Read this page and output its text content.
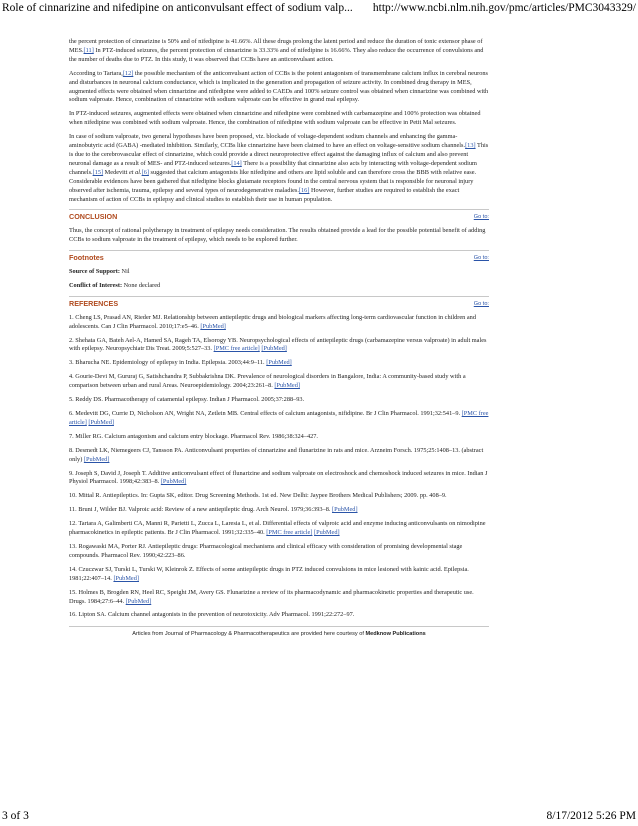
Role of cinnarizine and nifedipine on anticonvulsant effect of sodium valp... http://www.ncbi.nlm.nih.gov/pmc/articles/PMC3043329/

the percent protection of cinnarizine is 50% and of nifedipine is 41.66%. All these drugs prolong the latent period and reduce the duration of tonic extensor phase of MES.[11] In PTZ-induced seizures, the percent protection of cinnarizine is 33.33% and of nifedipine is 16.66%. They also reduce the occurrence of convulsions and the number of deaths due to PTZ. In this study, it was observed that CCBs have an anticonvulsant action.

According to Tartara,[12] the possible mechanism of the anticonvulsant action of CCBs is the potent antagonism of transmembrane calcium influx in cerebral neurons and disturbances in neuronal calcium conductance, which is implicated in the generation and propagation of seizure activity. In combined drug therapy in MES, augmented effects were obtained when cinnarizine and nifedipine were added to CAEDs and 100% seizure control was obtained when cinnarizine was combined with sodium valproate. Hence, combination of cinnarizine with sodium valproate can be effective in grand mal epilepsy.

In PTZ-induced seizures, augmented effects were obtained when cinnarizine and nifedipine were combined with carbamazepine and 100% protection was obtained when nifedipine was combined with sodium valproate. Hence, the combination of nifedipine with sodium valproate can be effective in Petit Mal seizures.

In case of sodium valproate, two general hypotheses have been proposed, viz. blockade of voltage-dependent sodium channels and enhancing the gamma-aminobutyric acid (GABA) -mediated inhibition. Similarly, CCBs like cinnarizine have been claimed to have an effect on voltage-sensitive sodium channels.[13] This is due to the cerebrovascular effect of cinnarizine, which could provide a direct neuroprotective effect against the damaging influx of calcium and also prevent neuronal damage as a result of MES- and PTZ-induced seizures.[14] There is a possibility that cinnarizine also acts by interacting with voltage-dependent sodium channels.[15] Medevitt et al.[6] suggested that calcium antagonists like nifedipine and others are lipid soluble and can therefore cross the BBB with relative ease. Considerable evidences have been gathered that nifedipine blocks glutamate receptors found in the central nervous system that is responsible for neuronal injury observed after ischemia, trauma, epilepsy and several types of neurodegenerative maladies.[16] However, further studies are required to establish the exact mechanism of action of CCBs in epilepsy and clinical studies to establish their use in human population.

CONCLUSION	Go to:

Thus, the concept of rational polytherapy in treatment of epilepsy needs consideration. The results obtained provide a lead for the possible potential benefit of adding CCBs to sodium valproate in the treatment of epilepsy, which needs to be explored further.

Footnotes	Go to:

Source of Support: Nil

Conflict of Interest: None declared

REFERENCES	Go to:
1. Cheng LS, Prasad AN, Rieder MJ. Relationship between antiepileptic drugs and biological markers affecting long-term cardiovascular function in children and adolescents. Can J Clin Pharmacol. 2010;17:e5–46. [PubMed]
2. Shehata GA, Bateh Ael-A, Hamed SA, Rageh TA, Elsorogy YB. Neuropsychological effects of antiepileptic drugs (carbamazepine versus valproate) in adult males with epilepsy. Neuropsychiatr Dis Treat. 2009;5:527–33. [PMC free article] [PubMed]
3. Bharucha NE. Epidemiology of epilepsy in India. Epilepsia. 2003;44:9–11. [PubMed]
4. Gourie-Devi M, Gururaj G, Satishchandra P, Subbakrishna DK. Prevalence of neurological disorders in Bangalore, India: A community-based study with a comparison between urban and rural Areas. Neuroepidemiology. 2004;23:261–8. [PubMed]
5. Reddy DS. Pharmacotherapy of catamenial epilepsy. Indian J Pharmacol. 2005;37:288–93.
6. Medevitt DG, Currie D, Nicholson AN, Wright NA, Zetlein MB. Central effects of calcium antagonists, nifidipine. Br J Clin Pharmacol. 1991;32:541–9. [PMC free article] [PubMed]
7. Miller RG. Calcium antagonism and calcium entry blockage. Pharmacol Rev. 1986;38:324–427.
8. Desmedt LK, Niemegeers CJ, Tansson PA. Anticonvulsant properties of cinnarizine and flunarizine in rats and mice. Arzneim Forsch. 1975;25:1408–13. (abstract only) [PubMed]
9. Joseph S, David J, Joseph T. Additive anticonvulsant effect of flunarizine and sodium valproate on electroshock and chemoshock induced seizures in mice. Indian J Physiol Pharmacol. 1998;42:383–8. [PubMed]
10. Mittal R. Antiepileptics. In: Gupta SK, editor. Drug Screening Methods. 1st ed. New Delhi: Jaypee Brothers Medical Publishers; 2009. pp. 408–9.
11. Bruni J, Wilder BJ. Valproic acid: Review of a new antiepileptic drug. Arch Neurol. 1979;36:393–8. [PubMed]
12. Tartara A, Galimberti CA, Manni R, Parietti L, Zucca L, Laresia L, et al. Differential effects of valproic acid and enzyme inducing anticonvulsants on nimodipine pharmacokinetics in epileptic patients. Br J Clin Pharmacol. 1991;32:335–40. [PMC free article] [PubMed]
13. Rogawaski MA, Porter RJ. Antiepileptic drugs: Pharmacological mechanisms and clinical efficacy with consideration of promising developmental stage compounds. Pharmacol Rev. 1990;42:223–86.
14. Czuczwar SJ, Turski L, Turski W, Kleinrok Z. Effects of some antiepileptic drugs in PTZ induced convulsions in mice lesioned with kainic acid. Epilepsia. 1981;22:407–14. [PubMed]
15. Holmes B, Brogden RN, Heel RC, Speight JM, Avery GS. Flunarizine a review of its pharmacodynamic and pharmacokinetic properties and therapeutic use. Drugs. 1984;27:6–44. [PubMed]
16. Lipton SA. Calcium channel antagonists in the prevention of neurotoxicity. Adv Pharmacol. 1991;22:272–97.
Articles from Journal of Pharmacology & Pharmacotherapeutics are provided here courtesy of Medknow Publications
3 of 3	8/17/2012 5:26 PM
